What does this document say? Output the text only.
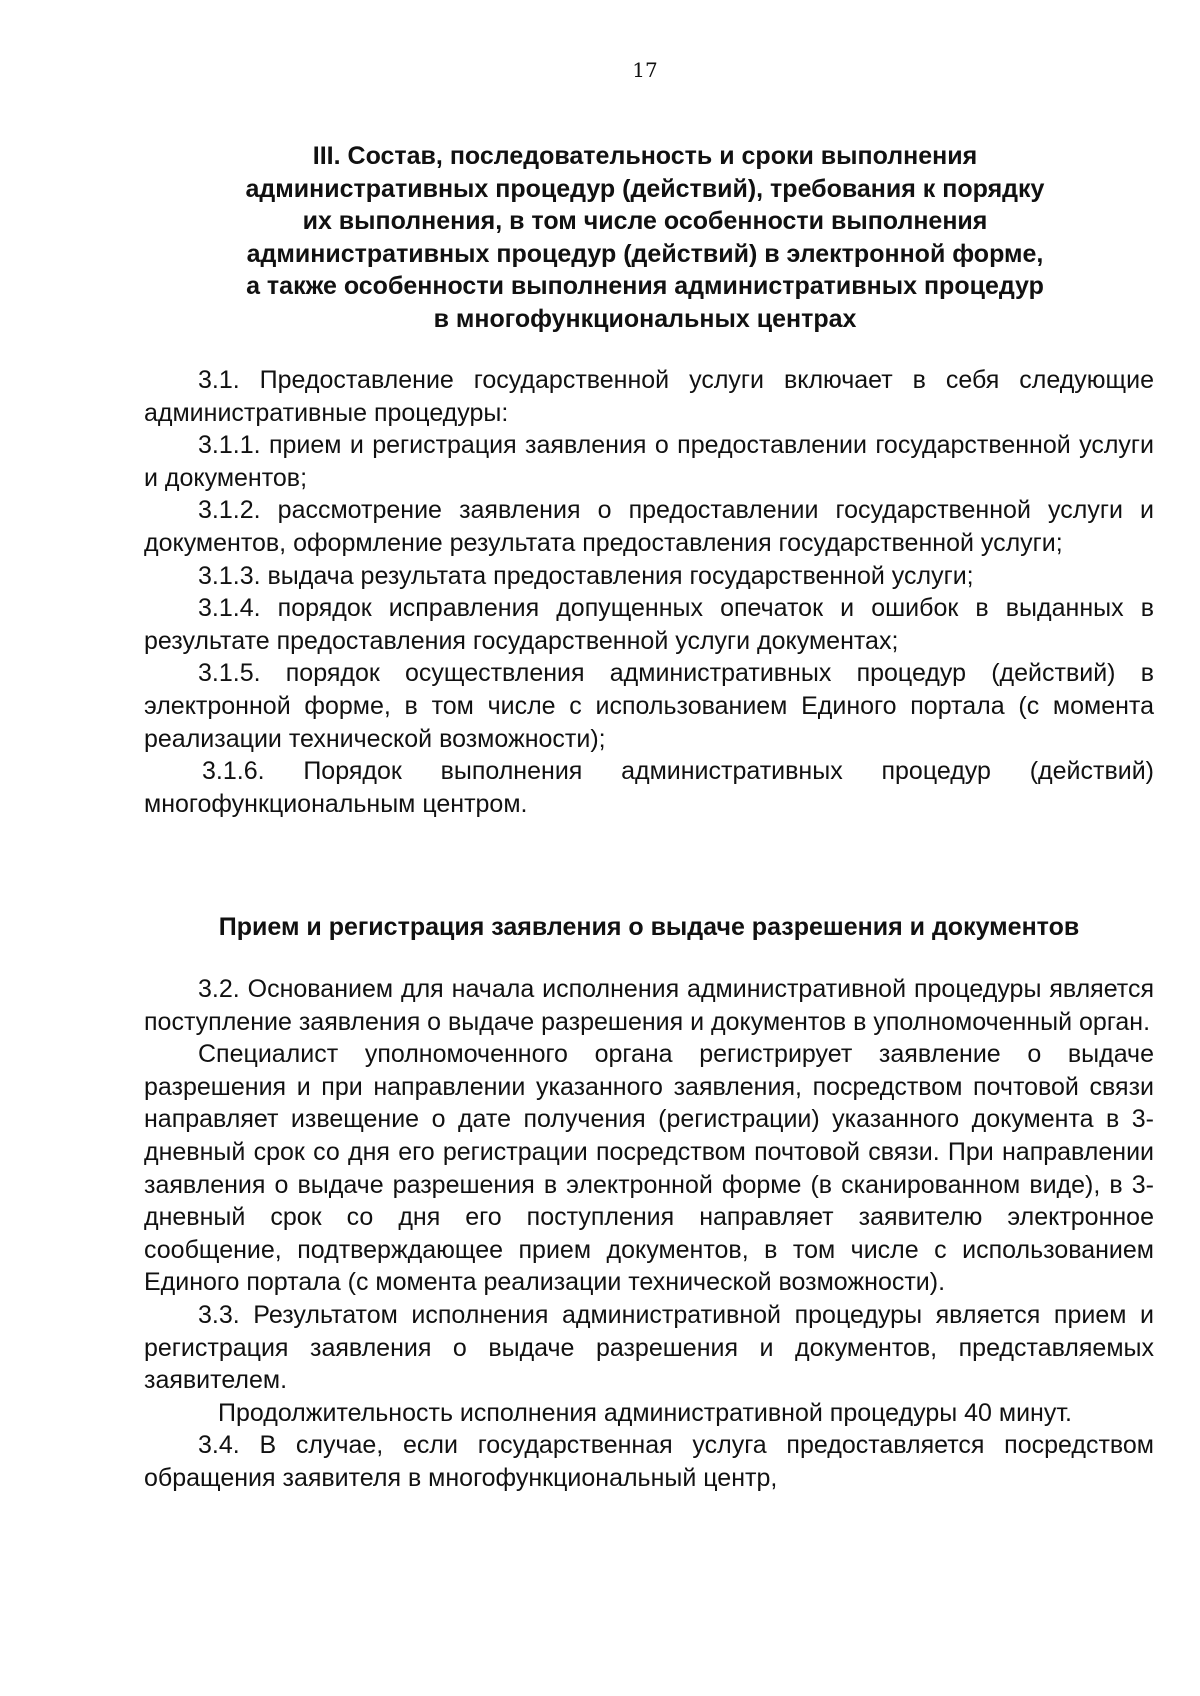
17
III. Состав, последовательность и сроки выполнения
административных процедур (действий), требования к порядку
их выполнения, в том числе особенности выполнения
административных процедур (действий) в электронной форме,
а также особенности выполнения административных процедур
в многофункциональных центрах

3.1. Предоставление государственной услуги включает в себя следующие административные процедуры:

3.1.1. прием и регистрация заявления о предоставлении государственной услуги и документов;

3.1.2. рассмотрение заявления о предоставлении государственной услуги и документов, оформление результата предоставления государственной услуги;

3.1.3. выдача результата предоставления государственной услуги;

3.1.4. порядок исправления допущенных опечаток и ошибок в выданных в результате предоставления государственной услуги документах;

3.1.5. порядок осуществления административных процедур (действий) в электронной форме, в том числе с использованием Единого портала (с момента реализации технической возможности);

3.1.6. Порядок выполнения административных процедур (действий) многофункциональным центром.

Прием и регистрация заявления о выдаче разрешения и документов

3.2. Основанием для начала исполнения административной процедуры является поступление заявления о выдаче разрешения и документов в уполномоченный орган.

Специалист уполномоченного органа регистрирует заявление о выдаче разрешения и при направлении указанного заявления, посредством почтовой связи направляет извещение о дате получения (регистрации) указанного документа в 3-дневный срок со дня его регистрации посредством почтовой связи. При направлении заявления о выдаче разрешения в электронной форме (в сканированном виде), в 3-дневный срок со дня его поступления направляет заявителю электронное сообщение, подтверждающее прием документов, в том числе с использованием Единого портала (с момента реализации технической возможности).

3.3. Результатом исполнения административной процедуры является прием и регистрация заявления о выдаче разрешения и документов, представляемых заявителем.

Продолжительность исполнения административной процедуры 40 минут.

3.4. В случае, если государственная услуга предоставляется посредством обращения заявителя в многофункциональный центр,
